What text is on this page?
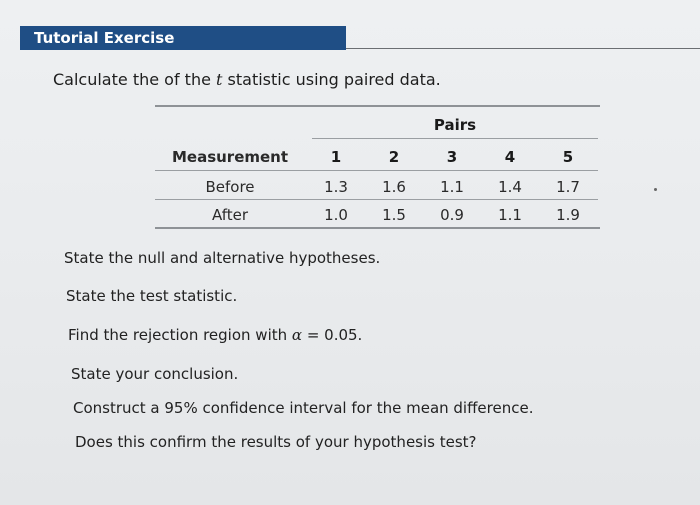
Tutorial Exercise
Calculate the of the t statistic using paired data.
Pairs
Measurement	1	2	3	4	5
Before	1.3	1.6	1.1	1.4	1.7
After	1.0	1.5	0.9	1.1	1.9
State the null and alternative hypotheses.
State the test statistic.
Find the rejection region with α = 0.05.
State your conclusion.
Construct a 95% confidence interval for the mean difference.
Does this confirm the results of your hypothesis test?
